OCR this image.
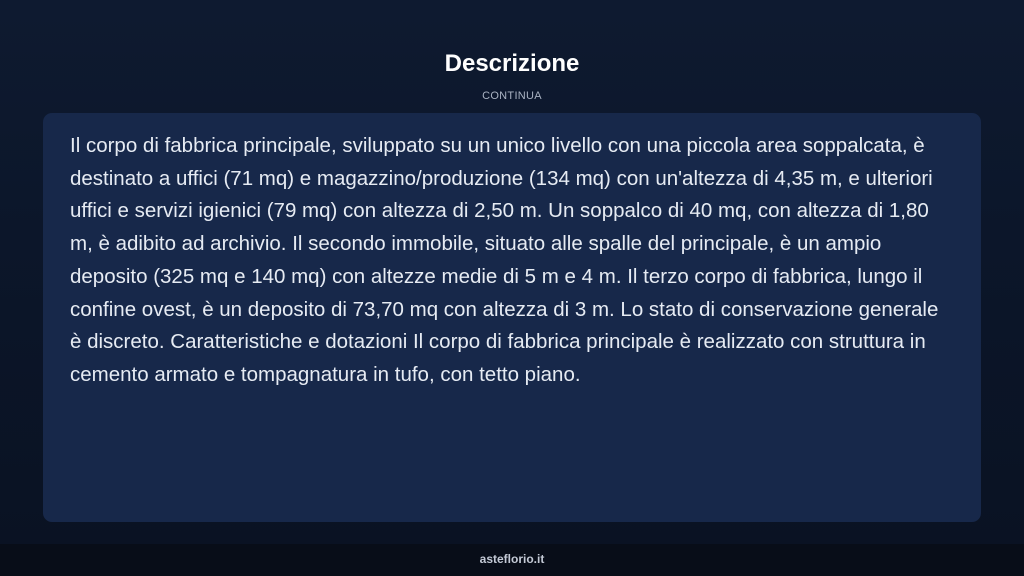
Descrizione
CONTINUA

Il corpo di fabbrica principale, sviluppato su un unico livello con una piccola area soppalcata, è destinato a uffici (71 mq) e magazzino/produzione (134 mq) con un'altezza di 4,35 m, e ulteriori uffici e servizi igienici (79 mq) con altezza di 2,50 m. Un soppalco di 40 mq, con altezza di 1,80 m, è adibito ad archivio. Il secondo immobile, situato alle spalle del principale, è un ampio deposito (325 mq e 140 mq) con altezze medie di 5 m e 4 m. Il terzo corpo di fabbrica, lungo il confine ovest, è un deposito di 73,70 mq con altezza di 3 m. Lo stato di conservazione generale è discreto. Caratteristiche e dotazioni Il corpo di fabbrica principale è realizzato con struttura in cemento armato e tompagnatura in tufo, con tetto piano.

asteflorio.it
